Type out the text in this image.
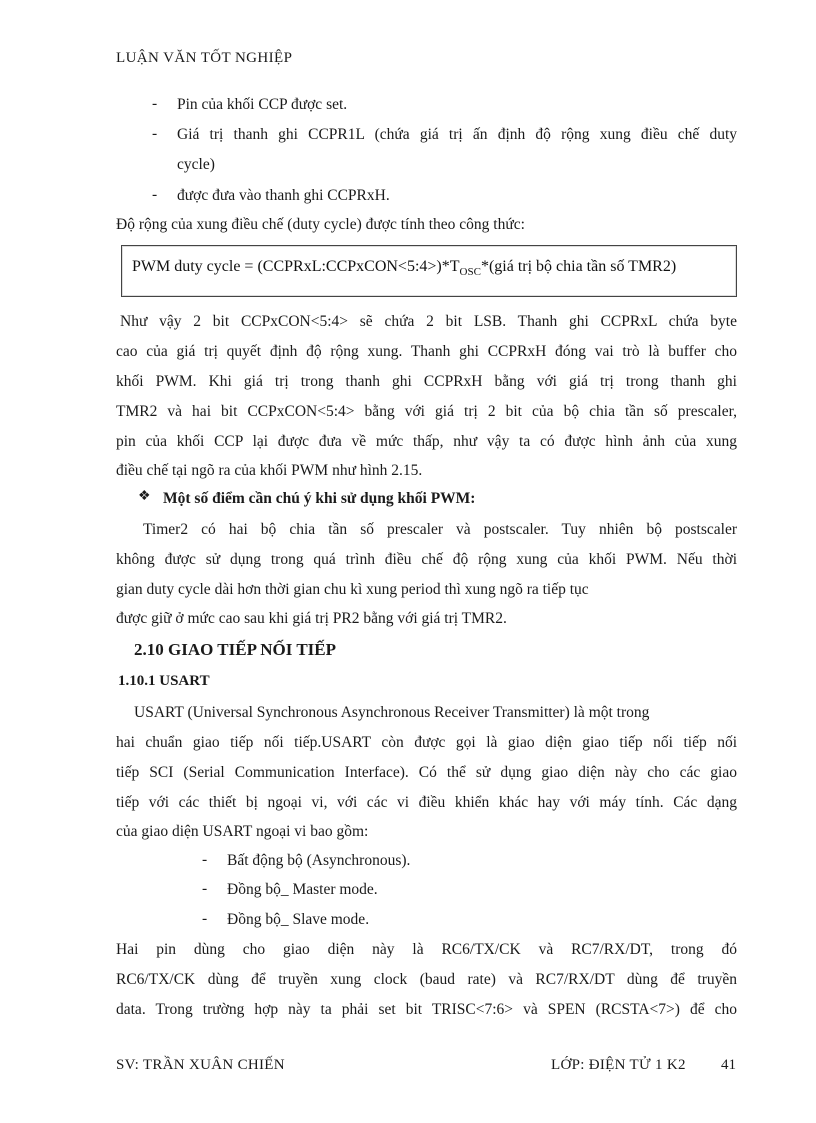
LUẬN VĂN TỐT NGHIỆP
- Pin của khối CCP được set.
- Giá trị thanh ghi CCPR1L (chứa giá trị ấn định độ rộng xung điều chế duty
cycle)
- được đưa vào thanh ghi CCPRxH.
Độ rộng của xung điều chế (duty cycle) được tính theo công thức:
PWM duty cycle = $(CCPRxL:CCPxCON<5:4>)*T_{OSC}*(giá$ trị bộ chia tần số TMR2)
Như vậy 2 bit CCPxCON<5:4> sẽ chứa 2 bit LSB. Thanh ghi CCPRxL chứa byte
cao của giá trị quyết định độ rộng xung. Thanh ghi CCPRxH đóng vai trò là buffer cho
khối PWM. Khi giá trị trong thanh ghi CCPRxH bằng với giá trị trong thanh ghi
TMR2 và hai bit CCPxCON<5:4> bằng với giá trị 2 bit của bộ chia tần số prescaler,
pin của khối CCP lại được đưa về mức thấp, như vậy ta có được hình ảnh của xung
điều chế tại ngõ ra của khối PWM như hình 2.15.
❖ Một số điểm cần chú ý khi sử dụng khối PWM:
Timer2 có hai bộ chia tần số prescaler và postscaler. Tuy nhiên bộ postscaler
không được sử dụng trong quá trình điều chế độ rộng xung của khối PWM. Nếu thời
gian duty cycle dài hơn thời gian chu kì xung period thì xung ngõ ra tiếp tục
được giữ ở mức cao sau khi giá trị PR2 bằng với giá trị TMR2.
2.10 GIAO TIẾP NỐI TIẾP
1.10.1 USART
USART (Universal Synchronous Asynchronous Receiver Transmitter) là một trong
hai chuẩn giao tiếp nối tiếp.USART còn được gọi là giao diện giao tiếp nối tiếp nối
tiếp SCI (Serial Communication Interface). Có thể sử dụng giao diện này cho các giao
tiếp với các thiết bị ngoại vi, với các vi điều khiển khác hay với máy tính. Các dạng
của giao diện USART ngoại vi bao gồm:
- Bất động bộ (Asynchronous).
- Đồng bộ_ Master mode.
- Đồng bộ_ Slave mode.
Hai pin dùng cho giao diện này là RC6/TX/CK và RC7/RX/DT, trong đó
RC6/TX/CK dùng để truyền xung clock (baud rate) và RC7/RX/DT dùng để truyền
data. Trong trường hợp này ta phải set bit TRISC<7:6> và SPEN (RCSTA<7>) để cho
SV: TRẦN XUÂN CHIẾN	LỚP: ĐIỆN TỬ 1 K2 41
